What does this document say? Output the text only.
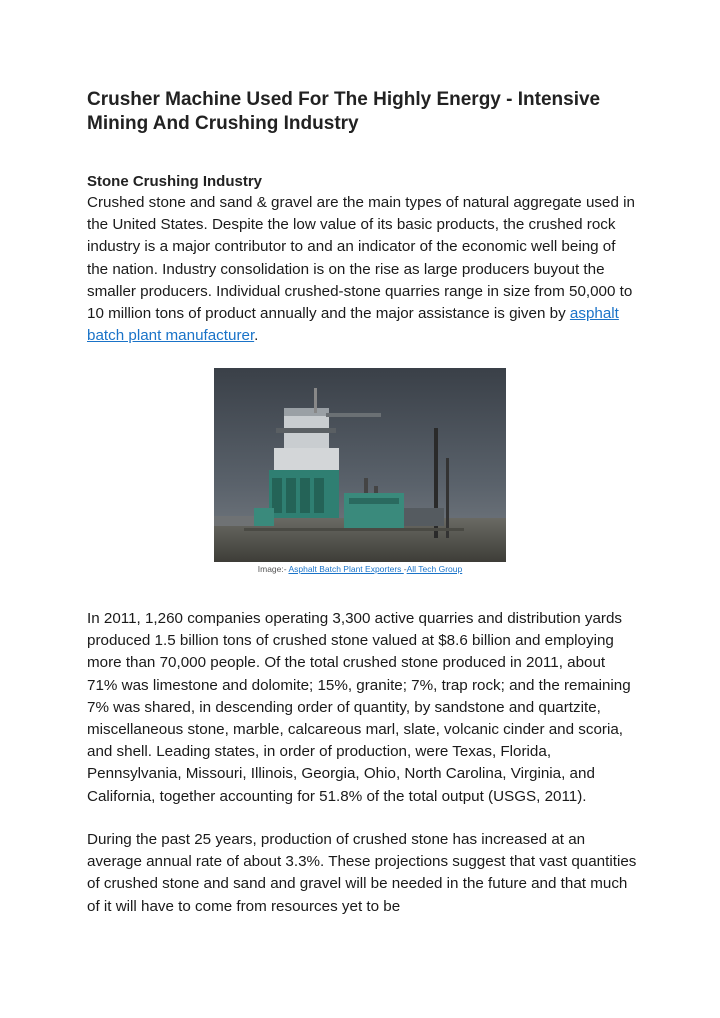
Crusher Machine Used For The Highly Energy - Intensive Mining And Crushing Industry
Stone Crushing Industry
Crushed stone and sand & gravel are the main types of natural aggregate used in the United States. Despite the low value of its basic products, the crushed rock industry is a major contributor to and an indicator of the economic well being of the nation. Industry consolidation is on the rise as large producers buyout the smaller producers. Individual crushed-stone quarries range in size from 50,000 to 10 million tons of product annually and the major assistance is given by asphalt batch plant manufacturer.
Image:- Asphalt Batch Plant Exporters -All Tech Group
In 2011, 1,260 companies operating 3,300 active quarries and distribution yards produced 1.5 billion tons of crushed stone valued at $8.6 billion and employing more than 70,000 people. Of the total crushed stone produced in 2011, about 71% was limestone and dolomite; 15%, granite; 7%, trap rock; and the remaining 7% was shared, in descending order of quantity, by sandstone and quartzite, miscellaneous stone, marble, calcareous marl, slate, volcanic cinder and scoria, and shell. Leading states, in order of production, were Texas, Florida, Pennsylvania, Missouri, Illinois, Georgia, Ohio, North Carolina, Virginia, and California, together accounting for 51.8% of the total output (USGS, 2011).
During the past 25 years, production of crushed stone has increased at an average annual rate of about 3.3%. These projections suggest that vast quantities of crushed stone and sand and gravel will be needed in the future and that much of it will have to come from resources yet to be
